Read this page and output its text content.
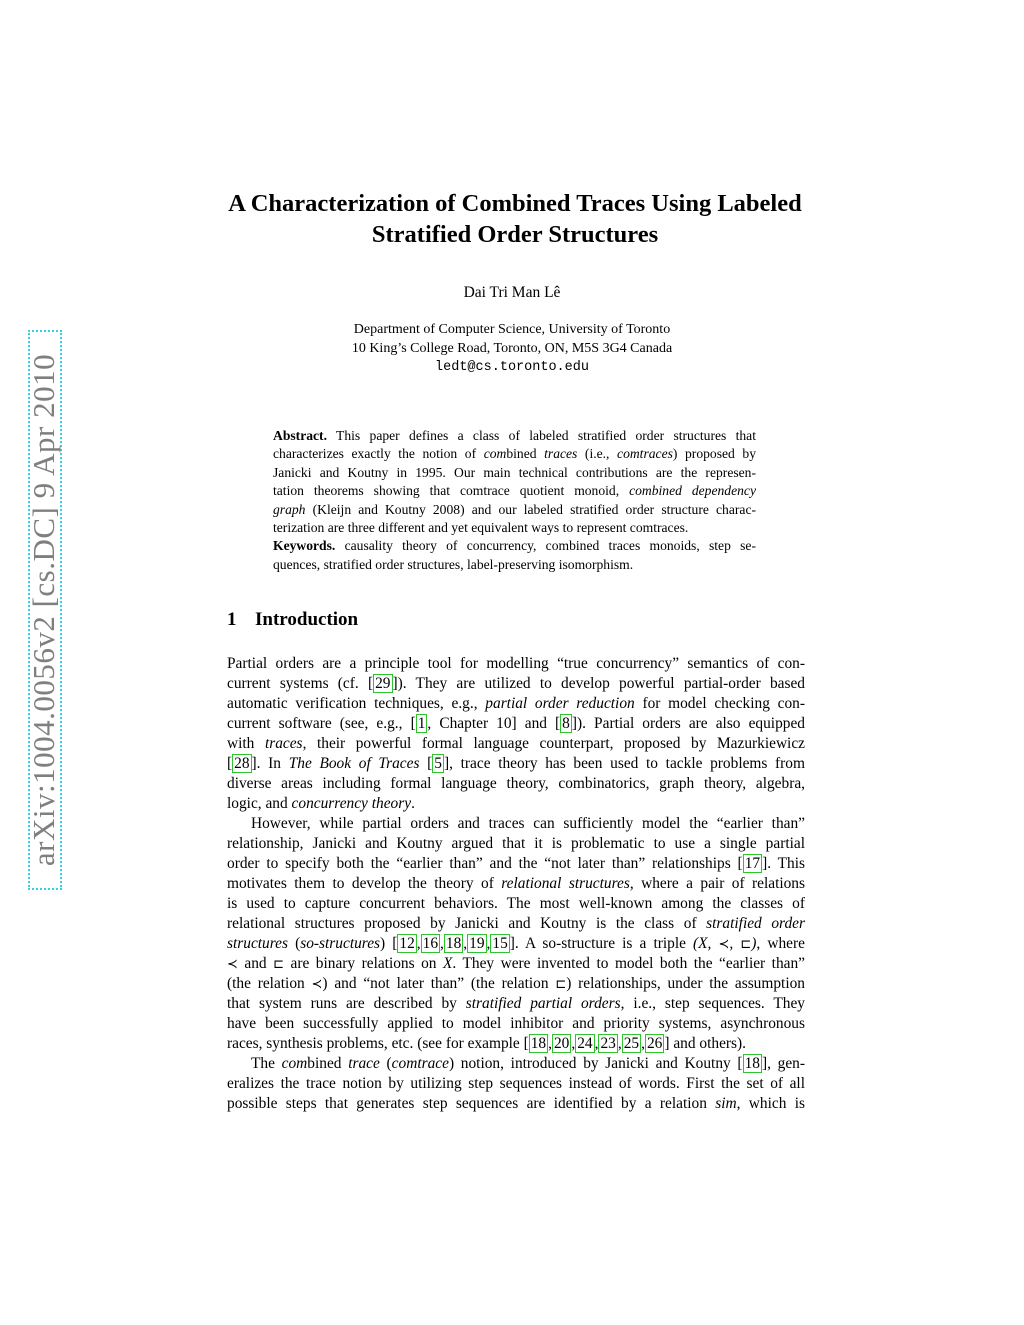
arXiv:1004.0056v2 [cs.DC] 9 Apr 2010
A Characterization of Combined Traces Using Labeled
Stratified Order Structures
Dai Tri Man Lê
Department of Computer Science, University of Toronto
10 King’s College Road, Toronto, ON, M5S 3G4 Canada
ledt@cs.toronto.edu
Abstract. This paper defines a class of labeled stratified order structures that
characterizes exactly the notion of combined traces (i.e., comtraces) proposed by
Janicki and Koutny in 1995. Our main technical contributions are the represen-
tation theorems showing that comtrace quotient monoid, combined dependency
graph (Kleijn and Koutny 2008) and our labeled stratified order structure charac-
terization are three different and yet equivalent ways to represent comtraces.
Keywords. causality theory of concurrency, combined traces monoids, step se-
quences, stratified order structures, label-preserving isomorphism.
1 Introduction
Partial orders are a principle tool for modelling “true concurrency” semantics of con-
current systems (cf. [ 29 ]). They are utilized to develop powerful partial-order based
automatic verification techniques, e.g., partial order reduction for model checking con-
current software (see, e.g., [ 1 , Chapter 10] and [ 8 ]). Partial orders are also equipped
with traces, their powerful formal language counterpart, proposed by Mazurkiewicz
[ 28 ]. In The Book of Traces [ 5 ], trace theory has been used to tackle problems from
diverse areas including formal language theory, combinatorics, graph theory, algebra,
logic, and concurrency theory.
However, while partial orders and traces can sufficiently model the “earlier than”
relationship, Janicki and Koutny argued that it is problematic to use a single partial
order to specify both the “earlier than” and the “not later than” relationships [ 17 ]. This
motivates them to develop the theory of relational structures, where a pair of relations
is used to capture concurrent behaviors. The most well-known among the classes of
relational structures proposed by Janicki and Koutny is the class of stratified order
structures (so-structures) [ 12 , 16 , 18 , 19 , 15 ]. A so-structure is a triple (X, ≺, ⊏), where
≺ and ⊏ are binary relations on X. They were invented to model both the “earlier than”
(the relation ≺) and “not later than” (the relation ⊏) relationships, under the assumption
that system runs are described by stratified partial orders, i.e., step sequences. They
have been successfully applied to model inhibitor and priority systems, asynchronous
races, synthesis problems, etc. (see for example [ 18 , 20 , 24 , 23 , 25 , 26 ] and others).
The combined trace (comtrace) notion, introduced by Janicki and Koutny [ 18 ], gen-
eralizes the trace notion by utilizing step sequences instead of words. First the set of all
possible steps that generates step sequences are identified by a relation sim, which is
